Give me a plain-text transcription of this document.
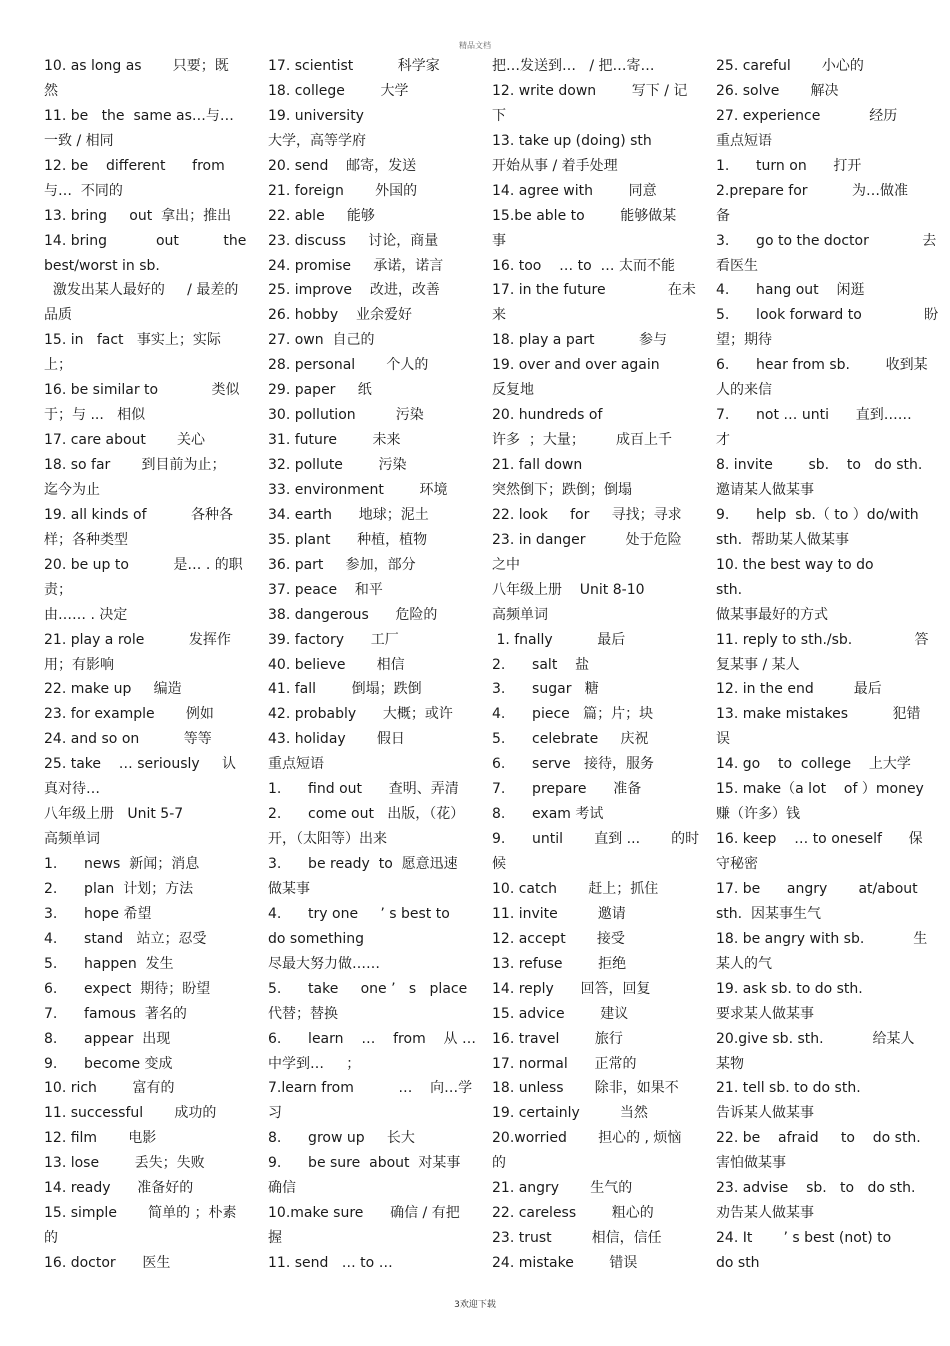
精品文档
10. as long as       只要；既
然
11. be   the  same as…与…
一致 / 相同
12. be    different      from
与…  不同的
13. bring     out  拿出；推出
14. bring           out          the
best/worst in sb.
激发出某人最好的     / 最差的
品质
15. in   fact   事实上；实际
上；
16. be similar to            类似
于；与 ...   相似
17. care about       关心
18. so far       到目前为止；
迄今为止
19. all kinds of          各种各
样；各种类型
20. be up to          是… . 的职
责；
由…… . 决定
21. play a role          发挥作
用；有影响
22. make up     编造
23. for example       例如
24. and so on          等等
25. take    … seriously     认
真对待…
八年级上册   Unit 5-7
高频单词
1.      news  新闻；消息
2.      plan  计划；方法
3.      hope 希望
4.      stand   站立；忍受
5.      happen  发生
6.      expect  期待；盼望
7.      famous  著名的
8.      appear  出现
9.      become 变成
10. rich        富有的
11. successful       成功的
12. film       电影
13. lose        丢失；失败
14. ready      准备好的
15. simple       简单的 ；朴素
的
16. doctor      医生
17. scientist          科学家
18. college        大学
19. university
大学，高等学府
20. send    邮寄，发送
21. foreign       外国的
22. able     能够
23. discuss     讨论，商量
24. promise     承诺，诺言
25. improve    改进，改善
26. hobby    业余爱好
27. own  自己的
28. personal       个人的
29. paper     纸
30. pollution         污染
31. future        未来
32. pollute        污染
33. environment        环境
34. earth      地球；泥土
35. plant      种植，植物
36. part     参加，部分
37. peace    和平
38. dangerous      危险的
39. factory      工厂
40. believe       相信
41. fall        倒塌；跌倒
42. probably      大概；或许
43. holiday       假日
重点短语
1.      find out      查明、弄清
2.      come out   出版，（花）
开，（太阳等）出来
3.      be ready  to  愿意迅速
做某事
4.      try one     ’ s best to
do something
尽最大努力做……
5.      take     one ’   s   place
代替；替换
6.      learn    …    from    从 …
中学到…     ；
7.learn from          …    向…学
习
8.      grow up     长大
9.      be sure  about  对某事
确信
10.make sure      确信 / 有把
握
11. send   … to …
把…发送到…   / 把…寄…
12. write down        写下 / 记
下
13. take up (doing) sth
开始从事 / 着手处理
14. agree with        同意
15.be able to        能够做某
事
16. too    … to  … 太而不能
17. in the future              在未
来
18. play a part          参与
19. over and over again
反复地
20. hundreds of
许多  ；大量；       成百上千
21. fall down
突然倒下；跌倒；倒塌
22. look     for     寻找；寻求
23. in danger         处于危险
之中
八年级上册    Unit 8-10
高频单词
1. fnally          最后
2.      salt    盐
3.      sugar   糖
4.      piece   篇；片；块
5.      celebrate     庆祝
6.      serve   接待，服务
7.      prepare      准备
8.      exam 考试
9.      until       直到 ...       的时
候
10. catch       赶上；抓住
11. invite         邀请
12. accept       接受
13. refuse        拒绝
14. reply      回答，回复
15. advice        建议
16. travel        旅行
17. normal      正常的
18. unless       除非，如果不
19. certainly         当然
20.worried       担心的 , 烦恼
的
21. angry       生气的
22. careless        粗心的
23. trust         相信，信任
24. mistake        错误
25. careful       小心的
26. solve       解决
27. experience           经历
重点短语
1.      turn on      打开
2.prepare for          为…做准
备
3.      go to the doctor            去
看医生
4.      hang out    闲逛
5.      look forward to              盼
望；期待
6.      hear from sb.        收到某
人的来信
7.      not … unti      直到……
才
8. invite        sb.    to   do sth.
邀请某人做某事
9.      help  sb.（ to ）do/with
sth.  帮助某人做某事
10. the best way to do
sth.
做某事最好的方式
11. reply to sth./sb.              答
复某事 / 某人
12. in the end         最后
13. make mistakes          犯错
误
14. go    to  college    上大学
15. make（a lot    of ）money
赚（许多）钱
16. keep    … to oneself      保
守秘密
17. be      angry       at/about
sth.  因某事生气
18. be angry with sb.           生
某人的气
19. ask sb. to do sth.
要求某人做某事
20.give sb. sth.           给某人
某物
21. tell sb. to do sth.
告诉某人做某事
22. be    afraid     to    do sth.
害怕做某事
23. advise    sb.   to   do sth.
劝告某人做某事
24. It       ’ s best (not) to
do sth
3欢迎下载
